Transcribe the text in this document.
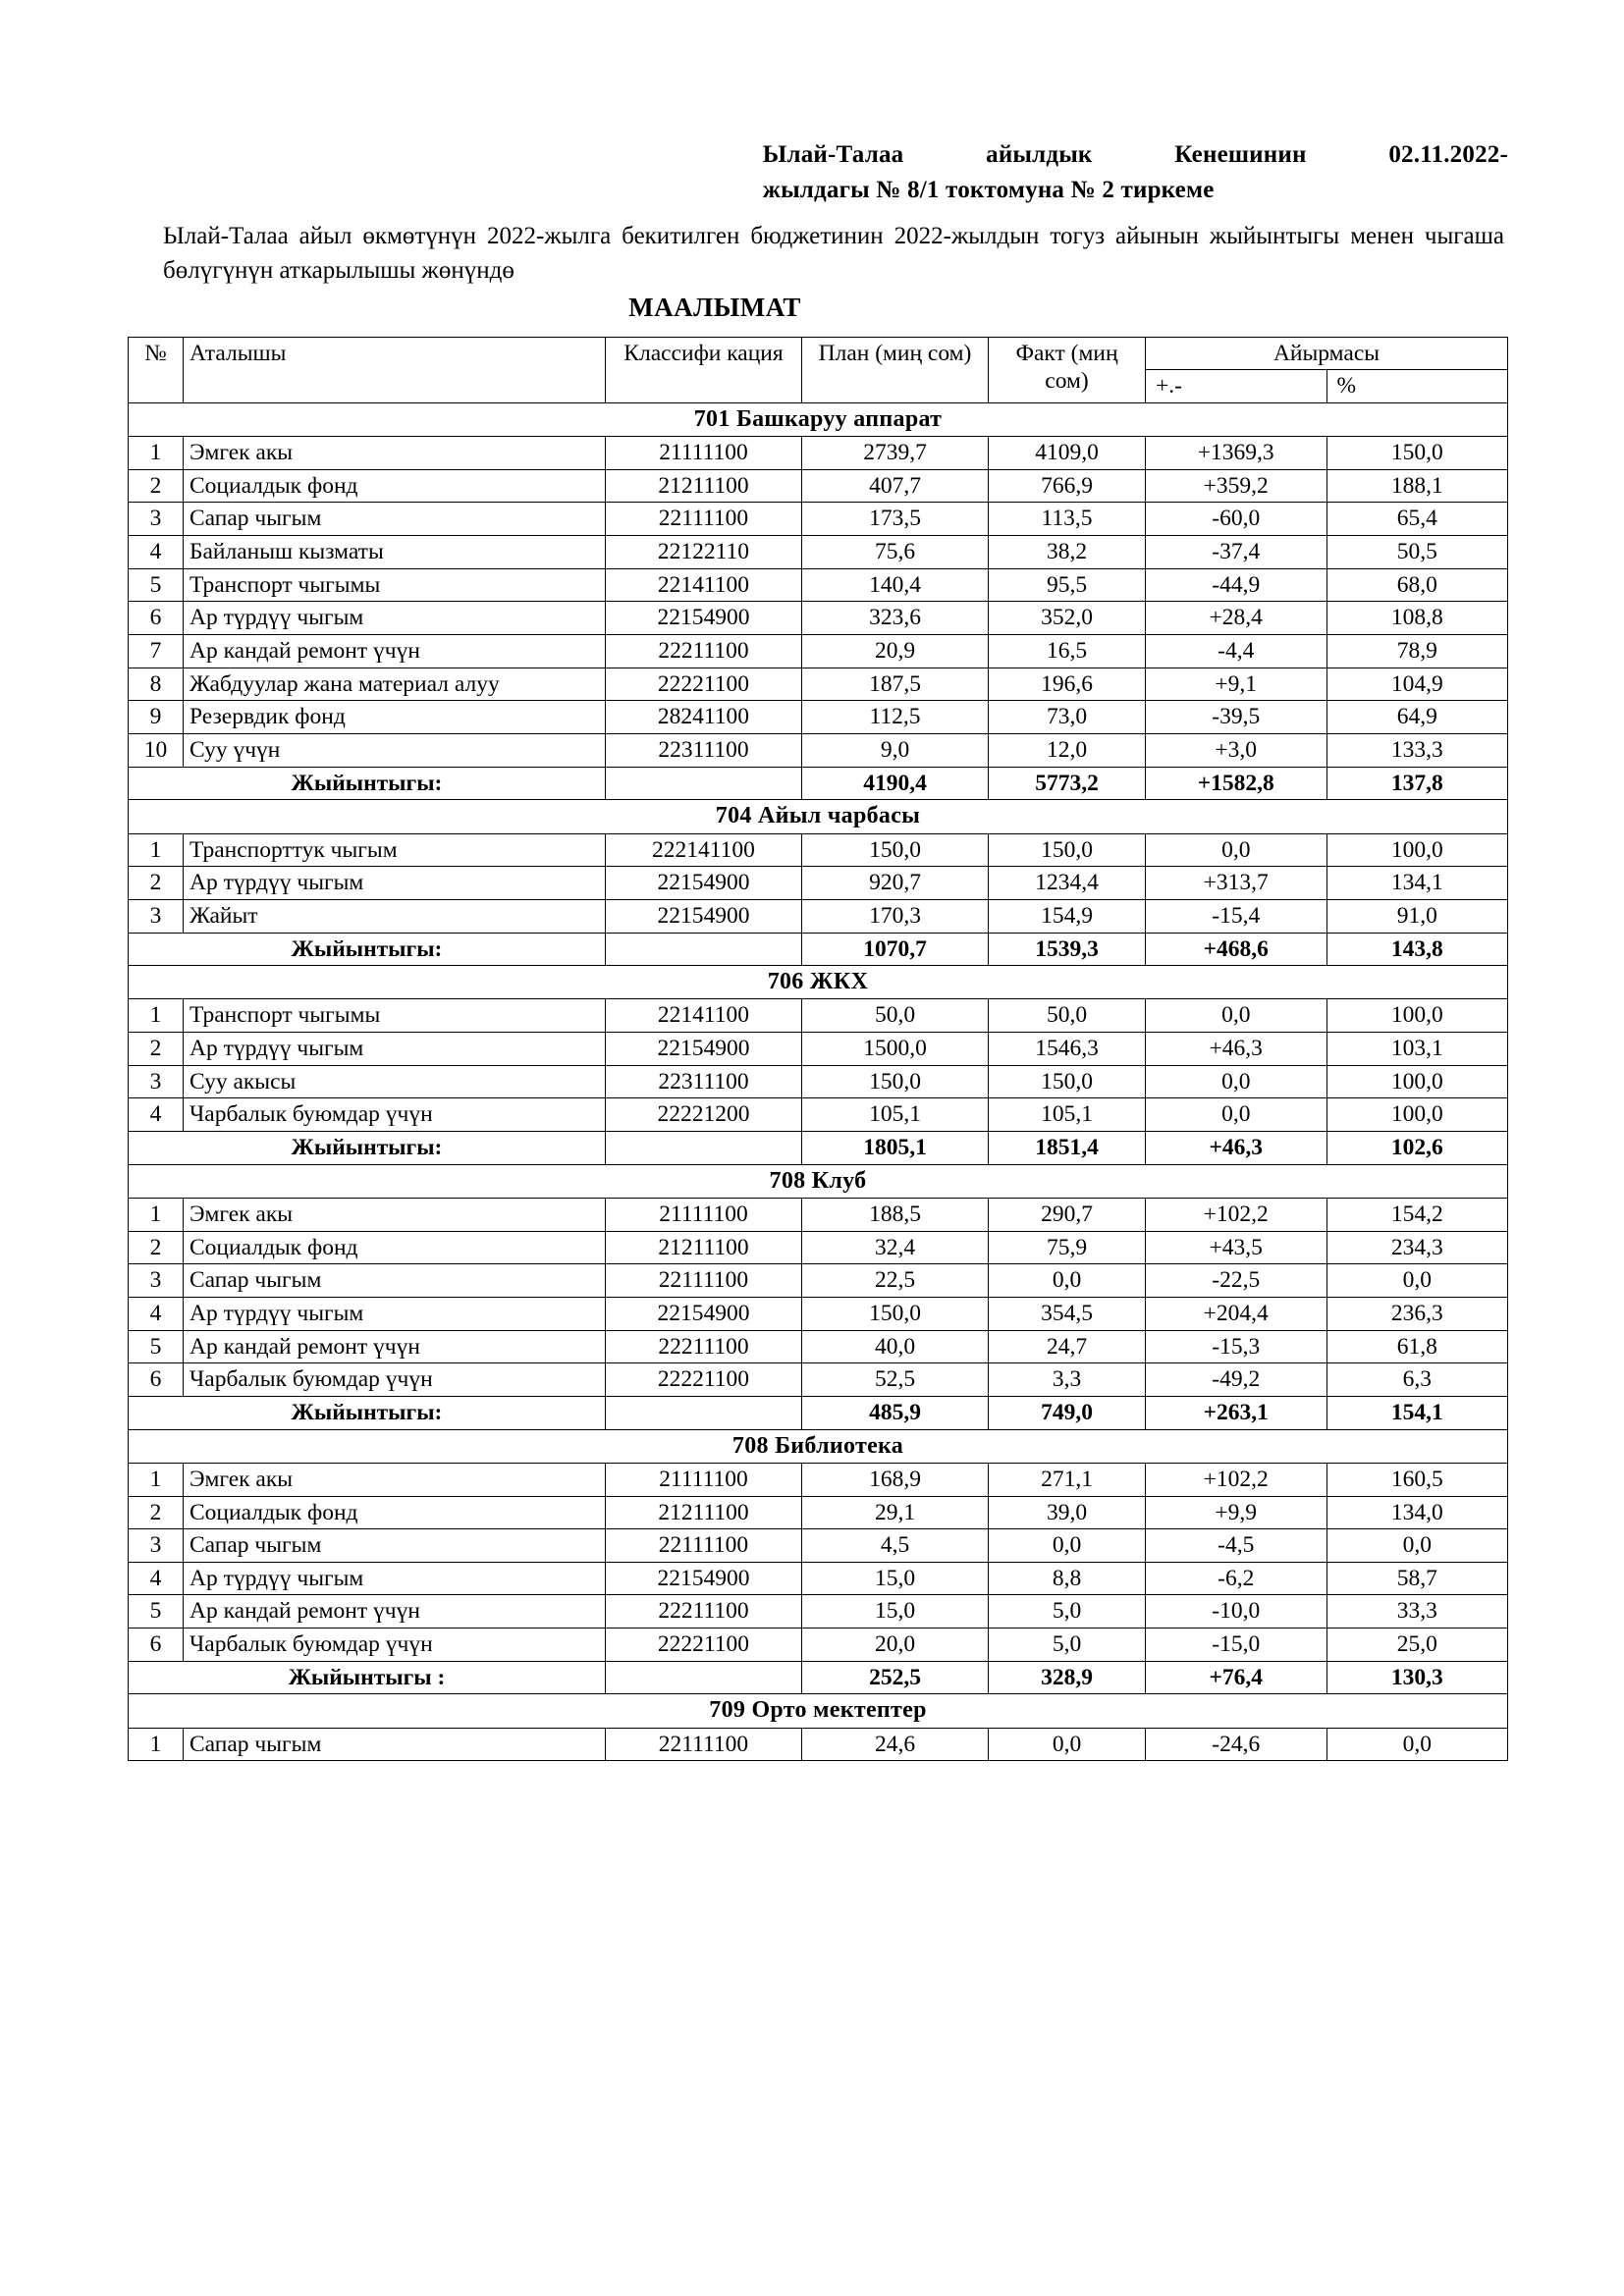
Ылай-Талаа айылдык Кенешинин 02.11.2022-
жылдагы № 8/1 токтомуна № 2 тиркеме
Ылай-Талаа айыл өкмөтүнүн 2022-жылга бекитилген бюджетинин 2022-жылдын тогуз айынын жыйынтыгы менен чыгаша бөлүгүнүн аткарылышы жөнүндө
МААЛЫМАТ
№	Аталышы	Классифи кация	План (миң сом)	Факт (миң сом)	Айырмасы	
					+.-	%
701 Башкаруу аппарат						
1	Эмгек акы	21111100	2739,7	4109,0	+1369,3	150,0
2	Социалдык фонд	21211100	407,7	766,9	+359,2	188,1
3	Сапар чыгым	22111100	173,5	113,5	-60,0	65,4
4	Байланыш кызматы	22122110	75,6	38,2	-37,4	50,5
5	Транспорт чыгымы	22141100	140,4	95,5	-44,9	68,0
6	Ар түрдүү чыгым	22154900	323,6	352,0	+28,4	108,8
7	Ар кандай ремонт үчүн	22211100	20,9	16,5	-4,4	78,9
8	Жабдуулар жана материал алуу	22221100	187,5	196,6	+9,1	104,9
9	Резервдик фонд	28241100	112,5	73,0	-39,5	64,9
10	Суу үчүн	22311100	9,0	12,0	+3,0	133,3
Жыйынтыгы:			4190,4	5773,2	+1582,8	137,8
704 Айыл чарбасы						
1	Транспорттук чыгым	222141100	150,0	150,0	0,0	100,0
2	Ар түрдүү чыгым	22154900	920,7	1234,4	+313,7	134,1
3	Жайыт	22154900	170,3	154,9	-15,4	91,0
Жыйынтыгы:			1070,7	1539,3	+468,6	143,8
706 ЖКХ						
1	Транспорт чыгымы	22141100	50,0	50,0	0,0	100,0
2	Ар түрдүү чыгым	22154900	1500,0	1546,3	+46,3	103,1
3	Суу акысы	22311100	150,0	150,0	0,0	100,0
4	Чарбалык буюмдар үчүн	22221200	105,1	105,1	0,0	100,0
Жыйынтыгы:			1805,1	1851,4	+46,3	102,6
708 Клуб						
1	Эмгек акы	21111100	188,5	290,7	+102,2	154,2
2	Социалдык фонд	21211100	32,4	75,9	+43,5	234,3
3	Сапар чыгым	22111100	22,5	0,0	-22,5	0,0
4	Ар түрдүү чыгым	22154900	150,0	354,5	+204,4	236,3
5	Ар кандай ремонт үчүн	22211100	40,0	24,7	-15,3	61,8
6	Чарбалык буюмдар үчүн	22221100	52,5	3,3	-49,2	6,3
Жыйынтыгы:			485,9	749,0	+263,1	154,1
708 Библиотека						
1	Эмгек акы	21111100	168,9	271,1	+102,2	160,5
2	Социалдык фонд	21211100	29,1	39,0	+9,9	134,0
3	Сапар чыгым	22111100	4,5	0,0	-4,5	0,0
4	Ар түрдүү чыгым	22154900	15,0	8,8	-6,2	58,7
5	Ар кандай ремонт үчүн	22211100	15,0	5,0	-10,0	33,3
6	Чарбалык буюмдар үчүн	22221100	20,0	5,0	-15,0	25,0
Жыйынтыгы :			252,5	328,9	+76,4	130,3
709 Орто мектептер						
1	Сапар чыгым	22111100	24,6	0,0	-24,6	0,0
